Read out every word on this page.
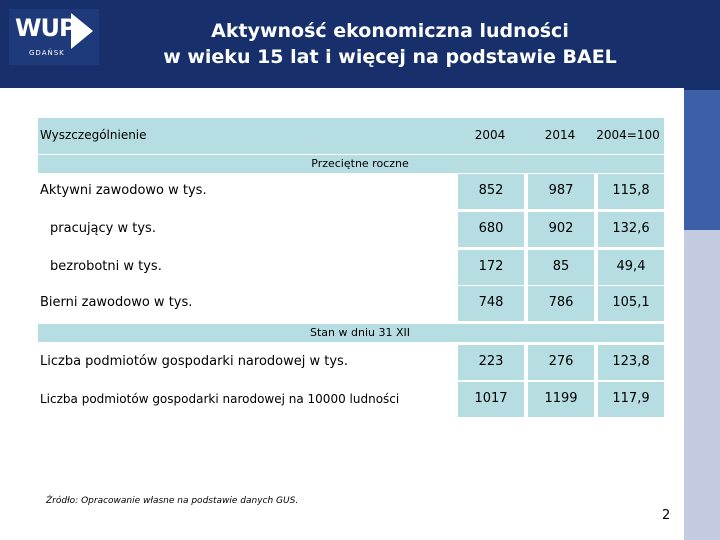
WUP
GDAŃSK
Aktywność ekonomiczna ludności
w wieku 15 lat i więcej na podstawie BAEL
Wyszczególnienie	2004	2014	2004=100
Przeciętne roczne
Aktywni zawodowo w tys.	852	987	115,8
pracujący w tys.	680	902	132,6
bezrobotni w tys.	172	85	49,4
Bierni zawodowo w tys.	748	786	105,1
Stan w dniu 31 XII
Liczba podmiotów gospodarki narodowej w tys.	223	276	123,8
Liczba podmiotów gospodarki narodowej na 10000 ludności	1017	1199	117,9
Źródło: Opracowanie własne na podstawie danych GUS.
2
